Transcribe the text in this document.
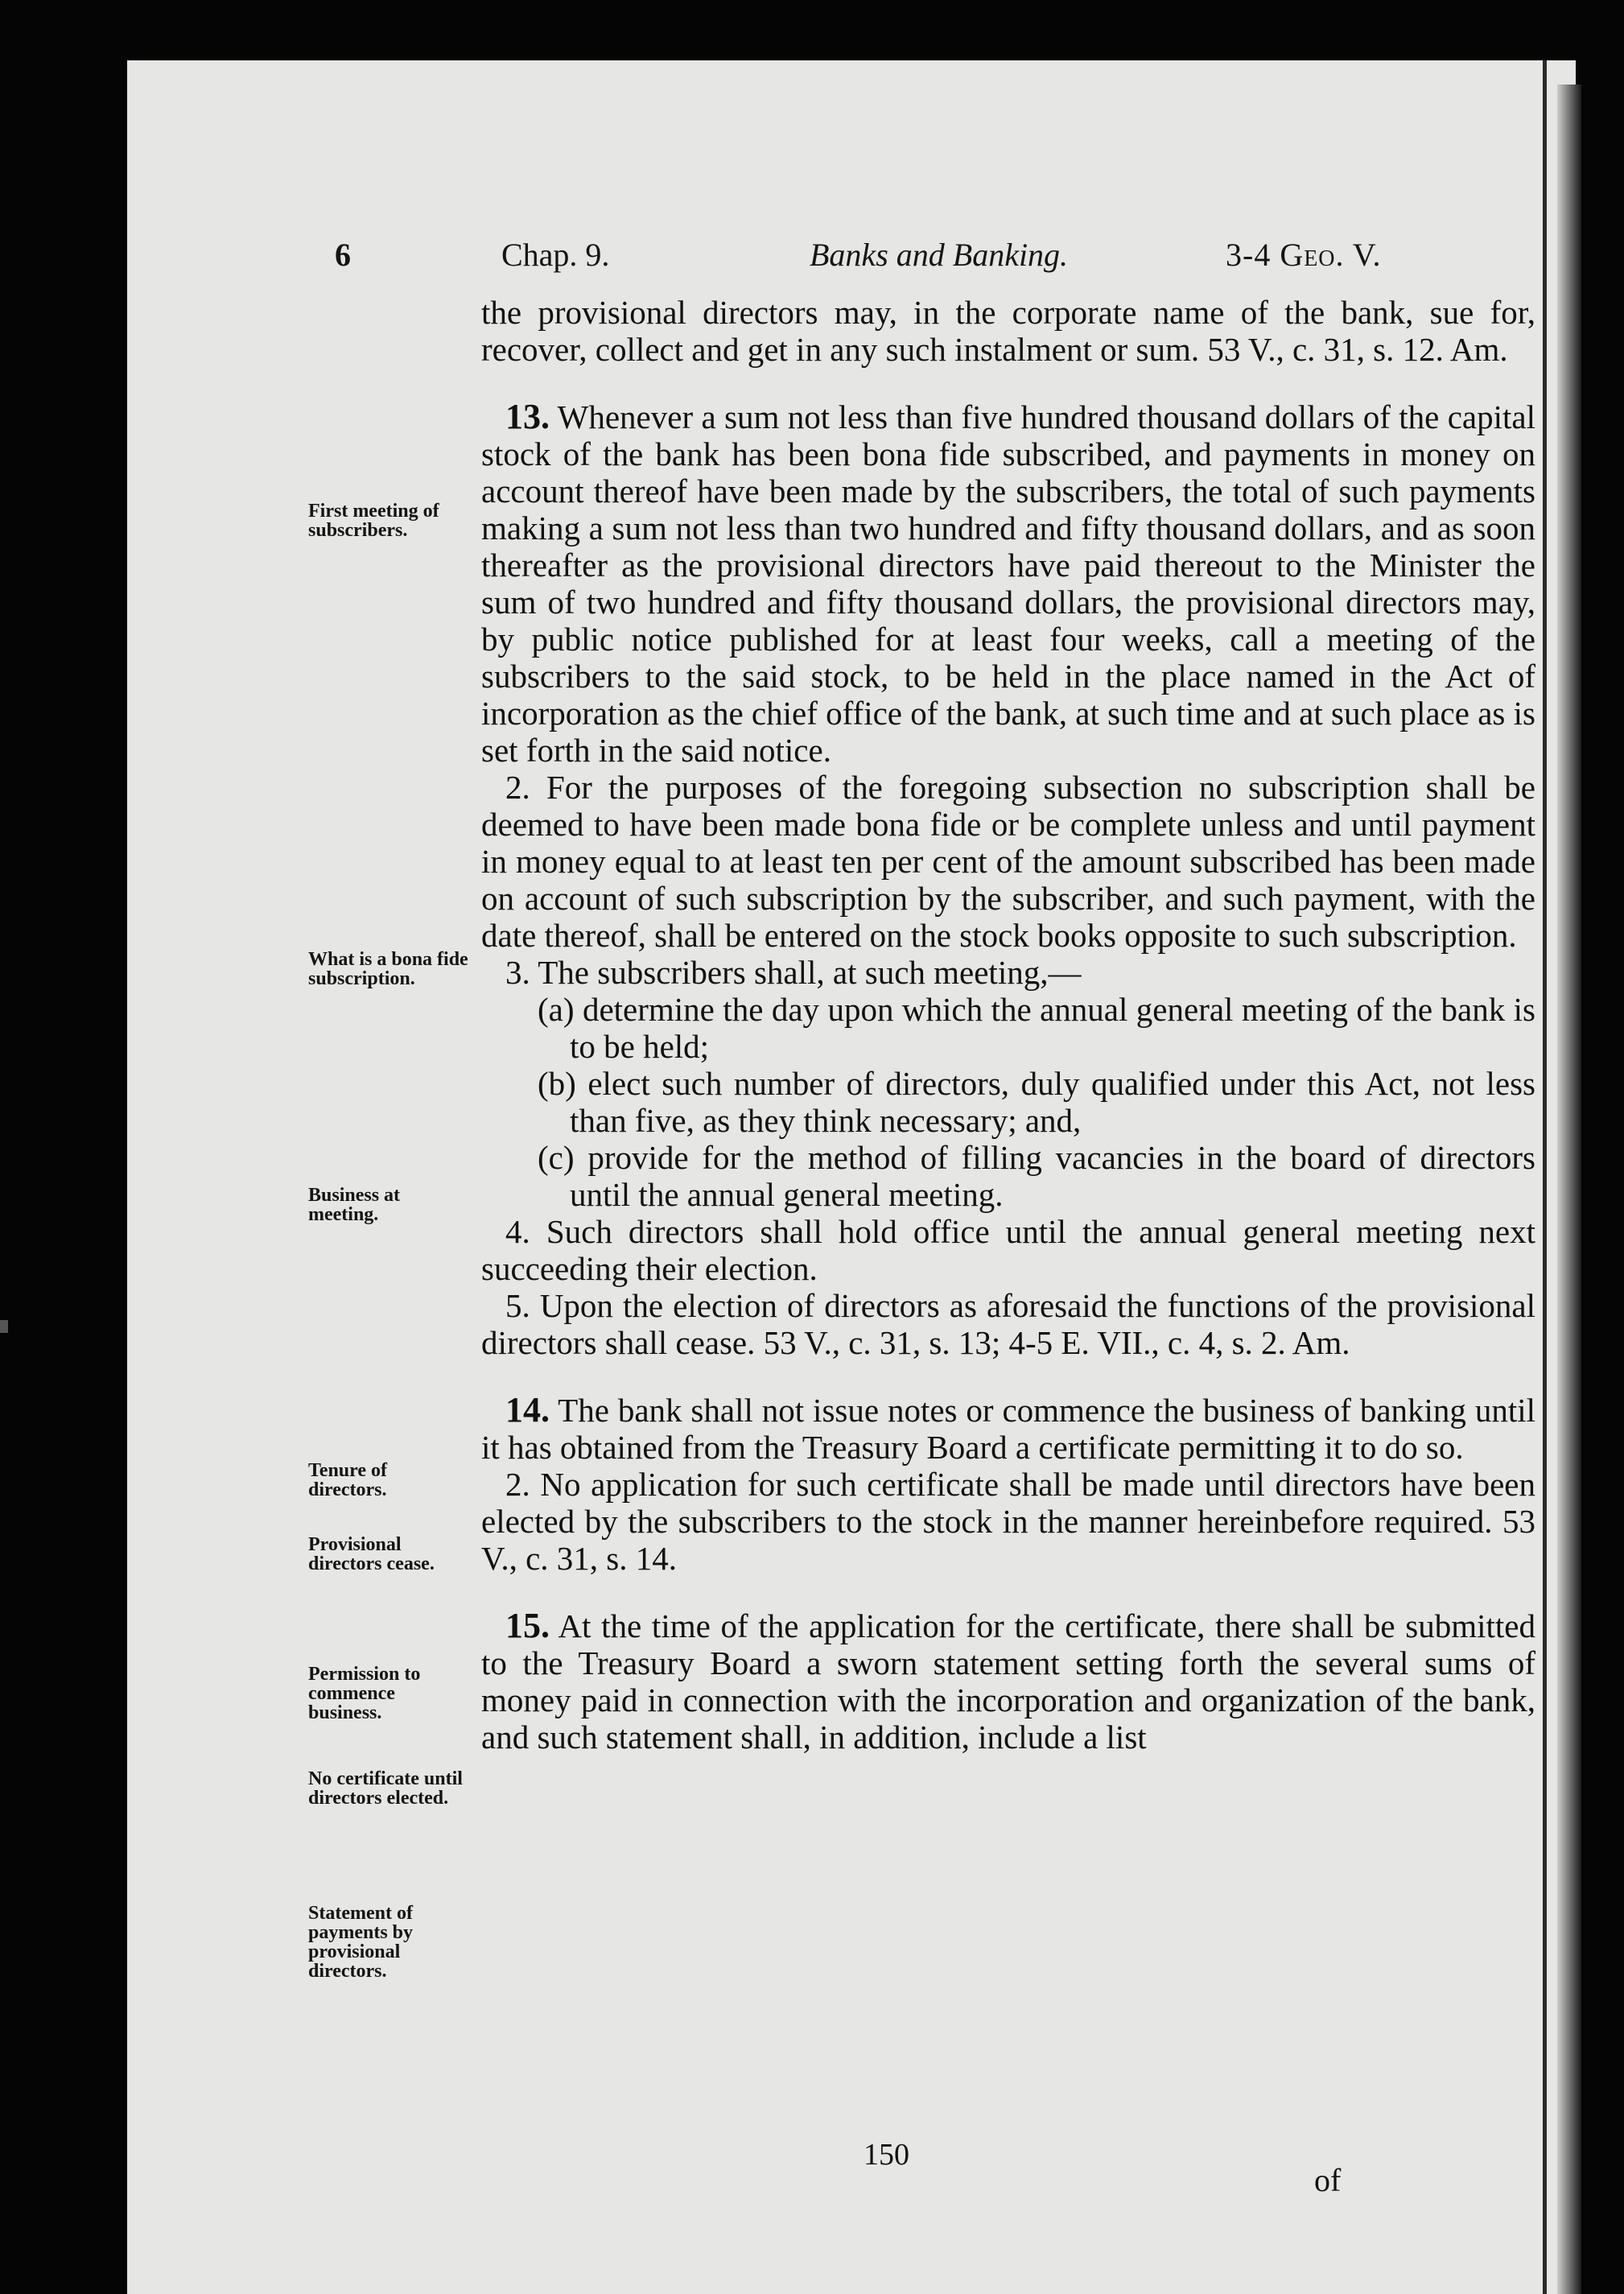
6	Chap. 9.	Banks and Banking.	3-4 Geo. V.
First meeting of subscribers.
What is a bona fide subscription.
Business at meeting.
Tenure of directors.
Provisional directors cease.
Permission to commence business.
No certificate until directors elected.
Statement of payments by provisional directors.

the provisional directors may, in the corporate name of the bank, sue for, recover, collect and get in any such instalment or sum. 53 V., c. 31, s. 12. Am.

13. Whenever a sum not less than five hundred thousand dollars of the capital stock of the bank has been bona fide subscribed, and payments in money on account thereof have been made by the subscribers, the total of such payments making a sum not less than two hundred and fifty thousand dollars, and as soon thereafter as the provisional directors have paid thereout to the Minister the sum of two hundred and fifty thousand dollars, the provisional directors may, by public notice published for at least four weeks, call a meeting of the subscribers to the said stock, to be held in the place named in the Act of incorporation as the chief office of the bank, at such time and at such place as is set forth in the said notice.

2. For the purposes of the foregoing subsection no subscription shall be deemed to have been made bona fide or be complete unless and until payment in money equal to at least ten per cent of the amount subscribed has been made on account of such subscription by the subscriber, and such payment, with the date thereof, shall be entered on the stock books opposite to such subscription.

3. The subscribers shall, at such meeting,—

(a) determine the day upon which the annual general meeting of the bank is to be held;

(b) elect such number of directors, duly qualified under this Act, not less than five, as they think necessary; and,

(c) provide for the method of filling vacancies in the board of directors until the annual general meeting.

4. Such directors shall hold office until the annual general meeting next succeeding their election.

5. Upon the election of directors as aforesaid the functions of the provisional directors shall cease. 53 V., c. 31, s. 13; 4-5 E. VII., c. 4, s. 2. Am.

14. The bank shall not issue notes or commence the business of banking until it has obtained from the Treasury Board a certificate permitting it to do so.

2. No application for such certificate shall be made until directors have been elected by the subscribers to the stock in the manner hereinbefore required. 53 V., c. 31, s. 14.

15. At the time of the application for the certificate, there shall be submitted to the Treasury Board a sworn statement setting forth the several sums of money paid in connection with the incorporation and organization of the bank, and such statement shall, in addition, include a list

150
of
